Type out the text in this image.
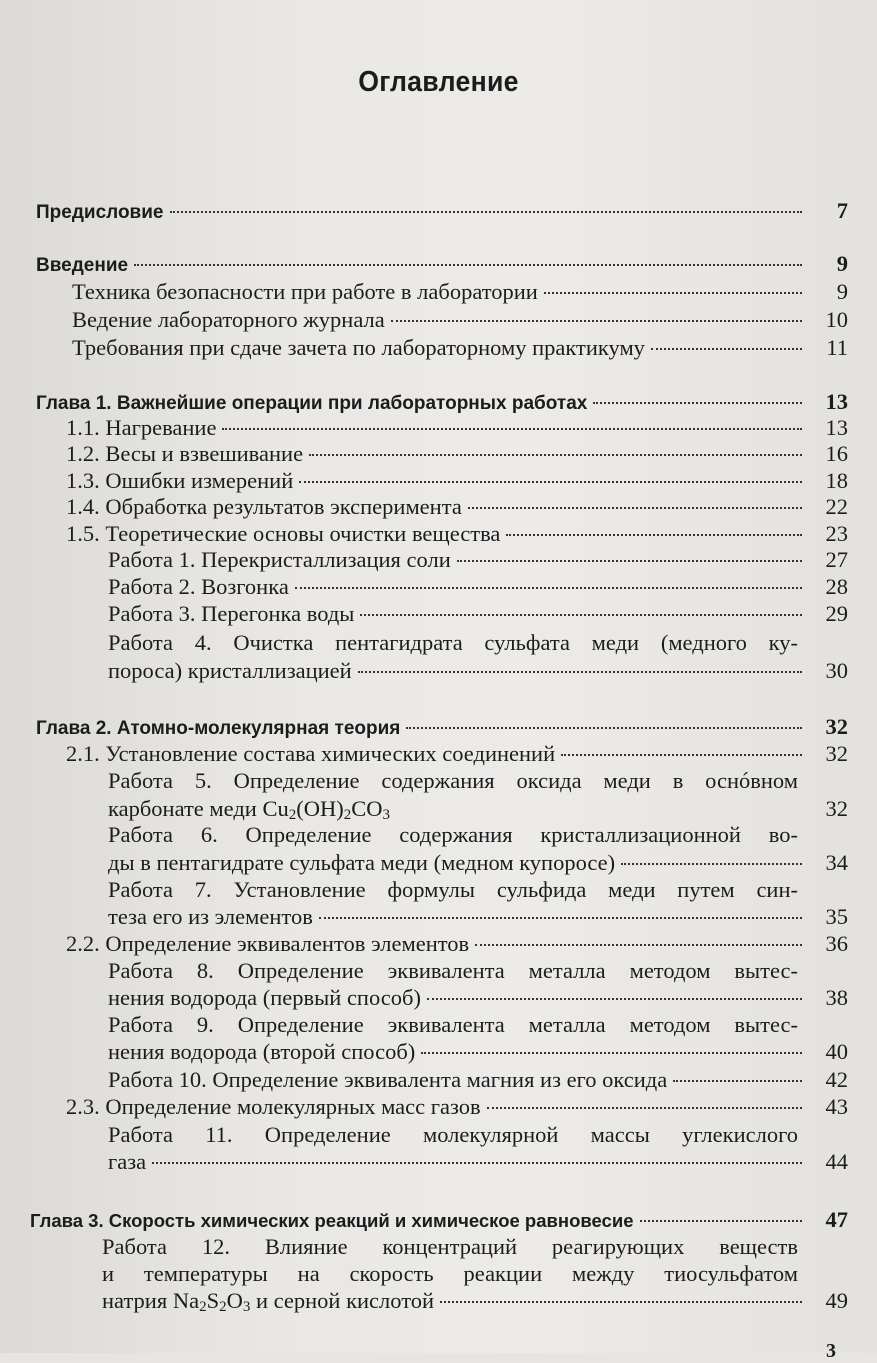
Оглавление
Предисловие	7
Введение	9
Техника безопасности при работе в лаборатории	9
Ведение лабораторного журнала	10
Требования при сдаче зачета по лабораторному практикуму	11
Глава 1. Важнейшие операции при лабораторных работах	13
1.1. Нагревание	13
1.2. Весы и взвешивание	16
1.3. Ошибки измерений	18
1.4. Обработка результатов эксперимента	22
1.5. Теоретические основы очистки вещества	23
Работа 1. Перекристаллизация соли	27
Работа 2. Возгонка	28
Работа 3. Перегонка воды	29
Работа 4. Очистка пентагидрата сульфата меди (медного ку-
пороса) кристаллизацией	30
Глава 2. Атомно-молекулярная теория	32
2.1. Установление состава химических соединений	32
Работа 5. Определение содержания оксида меди в оснóвном
карбонате меди $Cu_2(OH)_2CO_3$	32
Работа 6. Определение содержания кристаллизационной во-
ды в пентагидрате сульфата меди (медном купоросе)	34
Работа 7. Установление формулы сульфида меди путем син-
теза его из элементов	35
2.2. Определение эквивалентов элементов	36
Работа 8. Определение эквивалента металла методом вытес-
нения водорода (первый способ)	38
Работа 9. Определение эквивалента металла методом вытес-
нения водорода (второй способ)	40
Работа 10. Определение эквивалента магния из его оксида	42
2.3. Определение молекулярных масс газов	43
Работа 11. Определение молекулярной массы углекислого
газа	44
Глава 3. Скорость химических реакций и химическое равновесие	47
Работа 12. Влияние концентраций реагирующих веществ
и температуры на скорость реакции между тиосульфатом
натрия $Na_2S_2O_3$ и серной кислотой	49
3
